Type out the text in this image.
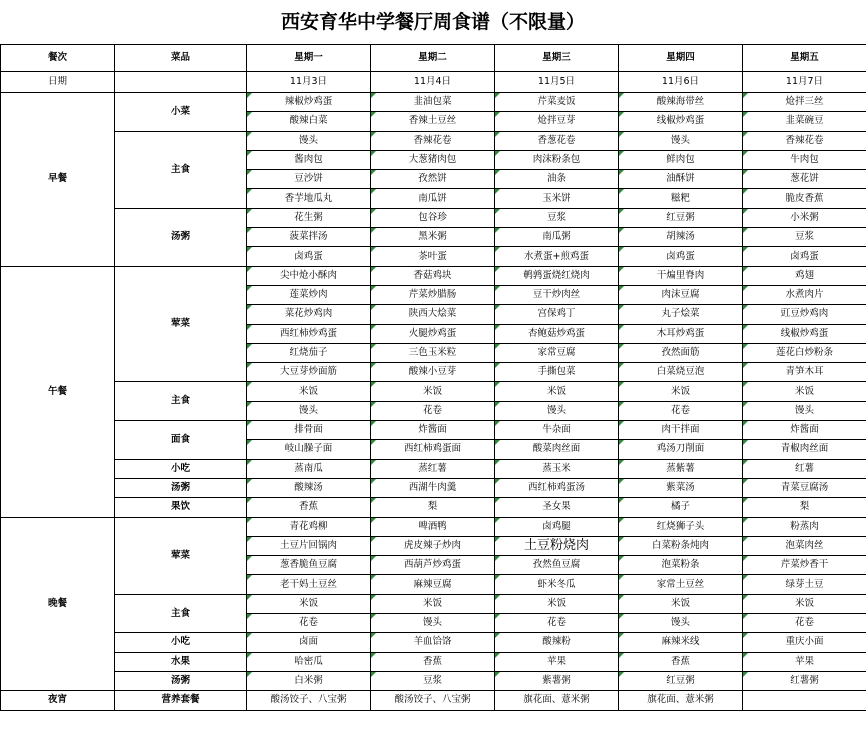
西安育华中学餐厅周食谱（不限量）
餐次	菜品	星期一	星期二	星期三	星期四	星期五
日期		11月3日	11月4日	11月5日	11月6日	11月7日
早餐	小菜	辣椒炒鸡蛋	韭油包菜	芹菜麦饭	酸辣海带丝	炝拌三丝
		酸辣白菜	香辣土豆丝	炝拌豆芽	线椒炒鸡蛋	韭菜碗豆
	主食	馒头	香辣花卷	香葱花卷	馒头	香辣花卷
		酱肉包	大葱猪肉包	肉沫粉条包	鲜肉包	牛肉包
		豆沙饼	孜然饼	油条	油酥饼	葱花饼
		香芋地瓜丸	南瓜饼	玉米饼	糍粑	脆皮香蕉
	汤粥	花生粥	包谷珍	豆浆	红豆粥	小米粥
		菠菜拌汤	黑米粥	南瓜粥	胡辣汤	豆浆
		卤鸡蛋	茶叶蛋	水煮蛋+煎鸡蛋	卤鸡蛋	卤鸡蛋
午餐	荤菜	尖中炝小酥肉	香菇鸡块	鹌鹑蛋烧红烧肉	干煸里脊肉	鸡翅
		莲菜炒肉	芹菜炒腊肠	豆干炒肉丝	肉沫豆腐	水煮肉片
		菜花炒鸡肉	陕西大烩菜	宫保鸡丁	丸子烩菜	豇豆炒鸡肉
		西红柿炒鸡蛋	火腿炒鸡蛋	杏鲍菇炒鸡蛋	木耳炒鸡蛋	线椒炒鸡蛋
		红烧茄子	三色玉米粒	家常豆腐	孜然面筋	莲花白炒粉条
		大豆芽炒面筋	酸辣小豆芽	手撕包菜	白菜烧豆泡	青笋木耳
	主食	米饭	米饭	米饭	米饭	米饭
		馒头	花卷	馒头	花卷	馒头
	面食	排骨面	炸酱面	牛杂面	肉干拌面	炸酱面
		岐山臊子面	西红柿鸡蛋面	酸菜肉丝面	鸡汤刀削面	青椒肉丝面
	小吃	蒸南瓜	蒸红薯	蒸玉米	蒸紫薯	红薯
	汤粥	酸辣汤	西湖牛肉羹	西红柿鸡蛋汤	紫菜汤	青菜豆腐汤
	果饮	香蕉	梨	圣女果	橘子	梨
晚餐	荤菜	青花鸡柳	啤酒鸭	卤鸡腿	红烧狮子头	粉蒸肉
		土豆片回锅肉	虎皮辣子炒肉	土豆粉烧肉	白菜粉条炖肉	泡菜肉丝
		葱香脆鱼豆腐	西葫芦炒鸡蛋	孜然鱼豆腐	泡菜粉条	芹菜炒香干
		老干妈土豆丝	麻辣豆腐	虾米冬瓜	家常土豆丝	绿芽土豆
	主食	米饭	米饭	米饭	米饭	米饭
		花卷	馒头	花卷	馒头	花卷
	小吃	卤面	羊血饸饹	酸辣粉	麻辣米线	重庆小面
	水果	哈密瓜	香蕉	苹果	香蕉	苹果
	汤粥	白米粥	豆浆	紫薯粥	红豆粥	红薯粥
夜宵	营养套餐	酸汤饺子、八宝粥	酸汤饺子、八宝粥	旗花面、薏米粥	旗花面、薏米粥	
